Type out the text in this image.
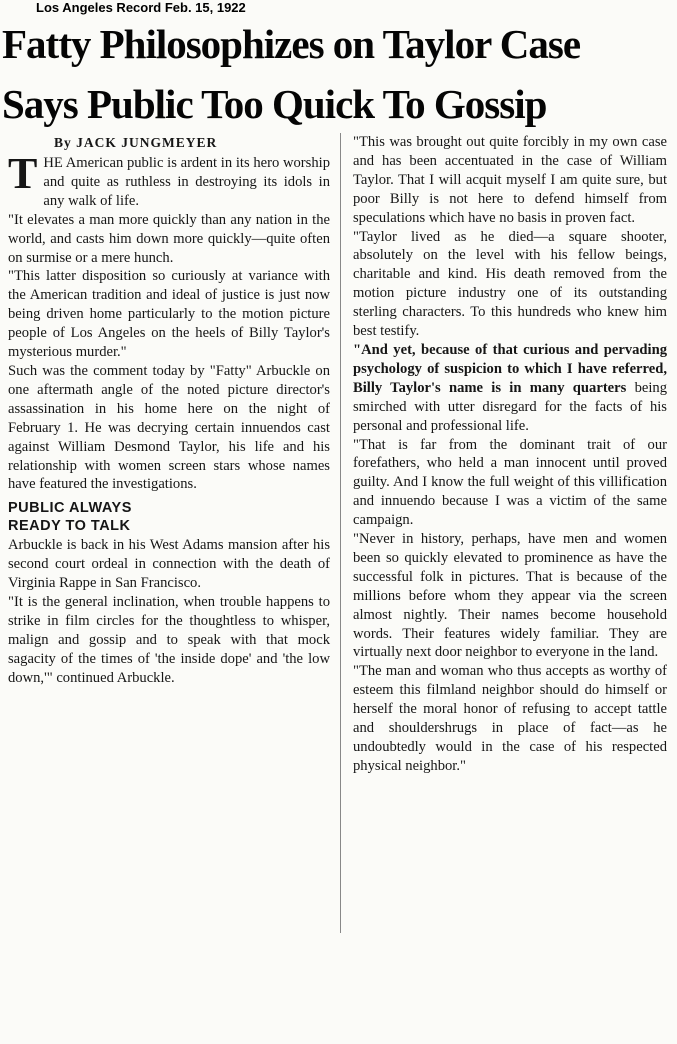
Los Angeles Record Feb. 15, 1922
Fatty Philosophizes on Taylor Case
Says Public Too Quick To Gossip
By JACK JUNGMEYER

THE American public is ardent in its hero worship and quite as ruthless in destroying its idols in any walk of life.

"It elevates a man more quickly than any nation in the world, and casts him down more quickly—quite often on surmise or a mere hunch.

"This latter disposition so curiously at variance with the American tradition and ideal of justice is just now being driven home particularly to the motion picture people of Los Angeles on the heels of Billy Taylor's mysterious murder."

Such was the comment today by "Fatty" Arbuckle on one aftermath angle of the noted picture director's assassination in his home here on the night of February 1. He was decrying certain innuendos cast against William Desmond Taylor, his life and his relationship with women screen stars whose names have featured the investigations.

PUBLIC ALWAYS
READY TO TALK

Arbuckle is back in his West Adams mansion after his second court ordeal in connection with the death of Virginia Rappe in San Francisco.

"It is the general inclination, when trouble happens to strike in film circles for the thoughtless to whisper, malign and gossip and to speak with that mock sagacity of the times of 'the inside dope' and 'the low down,'" continued Arbuckle.

"This was brought out quite forcibly in my own case and has been accentuated in the case of William Taylor. That I will acquit myself I am quite sure, but poor Billy is not here to defend himself from speculations which have no basis in proven fact.

"Taylor lived as he died—a square shooter, absolutely on the level with his fellow beings, charitable and kind. His death removed from the motion picture industry one of its outstanding sterling characters. To this hundreds who knew him best testify.

"And yet, because of that curious and pervading psychology of suspicion to which I have referred, Billy Taylor's name is in many quarters being smirched with utter disregard for the facts of his personal and professional life.

"That is far from the dominant trait of our forefathers, who held a man innocent until proved guilty. And I know the full weight of this villification and innuendo because I was a victim of the same campaign.

"Never in history, perhaps, have men and women been so quickly elevated to prominence as have the successful folk in pictures. That is because of the millions before whom they appear via the screen almost nightly. Their names become household words. Their features widely familiar. They are virtually next door neighbor to everyone in the land.

"The man and woman who thus accepts as worthy of esteem this filmland neighbor should do himself or herself the moral honor of refusing to accept tattle and shouldershrugs in place of fact—as he undoubtedly would in the case of his respected physical neighbor."
